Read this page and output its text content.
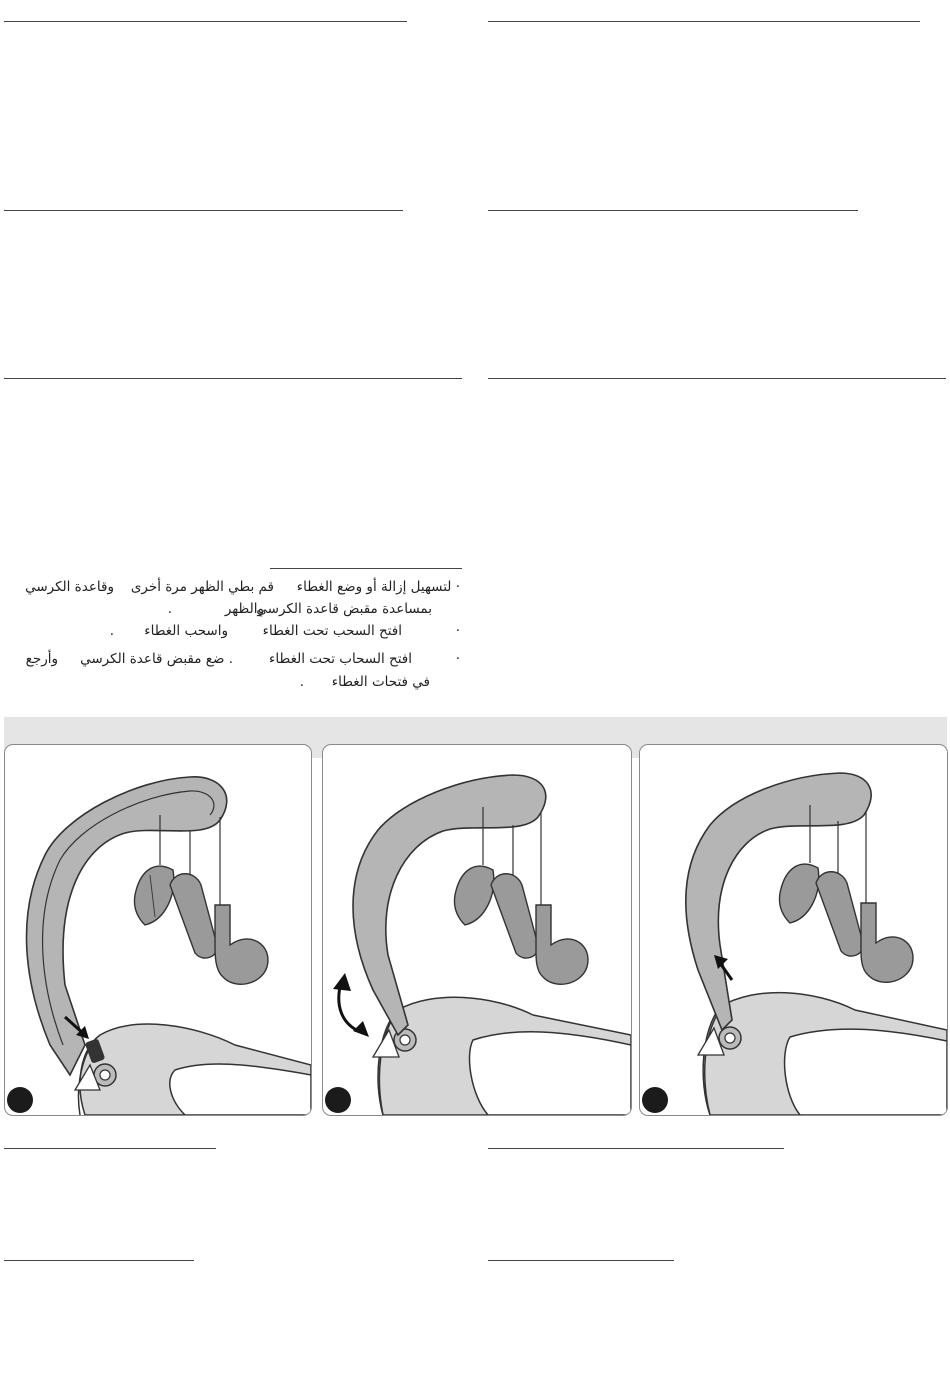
· لتسهيل إزالة أو وضع الغطاء
قم بطي الظهر مرة أخرى
وقاعدة الكرسي
بمساعدة مقبض قاعدة الكرسي
والظهر
.
·
افتح السحب تحت الغطاء
واسحب الغطاء
.
·
افتح السحاب تحت الغطاء
. ضع مقبض قاعدة الكرسي
وأرجع
في فتحات الغطاء
.
